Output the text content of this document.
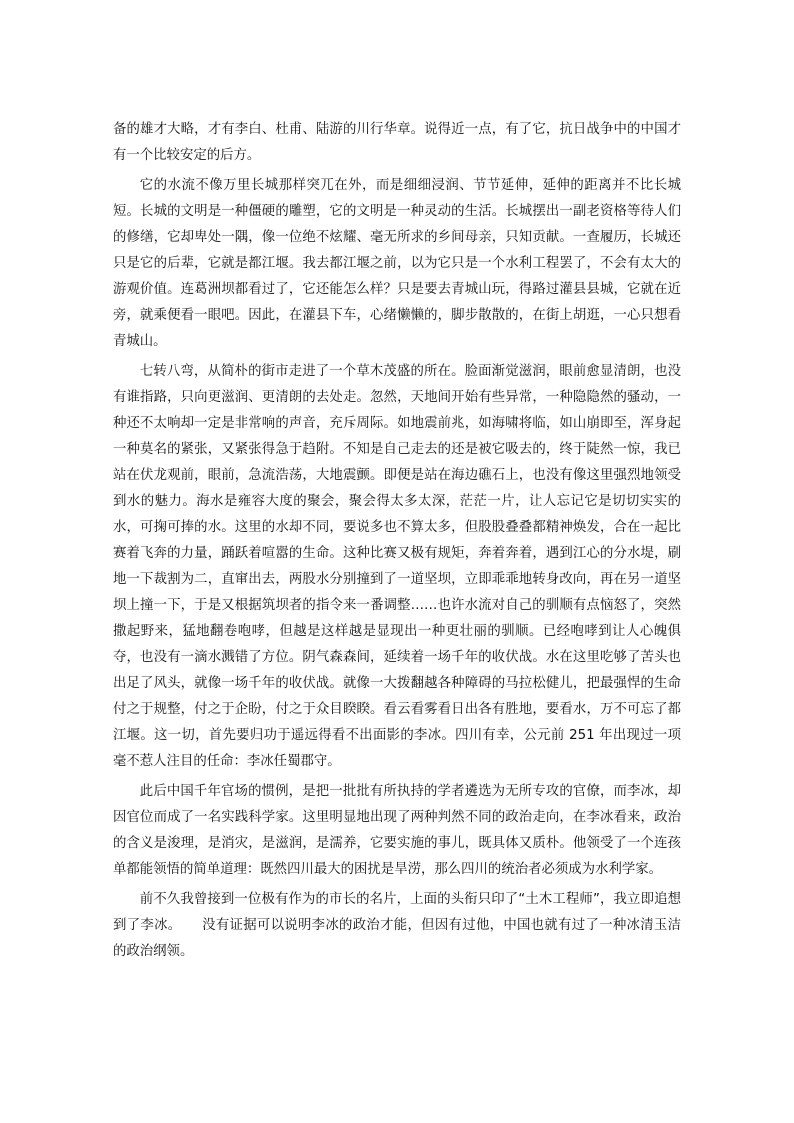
备的雄才大略，才有李白、杜甫、陆游的川行华章。说得近一点，有了它，抗日战争中的中国才有一个比较安定的后方。

它的水流不像万里长城那样突兀在外，而是细细浸润、节节延伸，延伸的距离并不比长城短。长城的文明是一种僵硬的雕塑，它的文明是一种灵动的生活。长城摆出一副老资格等待人们的修缮，它却卑处一隅，像一位绝不炫耀、毫无所求的乡间母亲，只知贡献。一查履历，长城还只是它的后辈，它就是都江堰。我去都江堰之前，以为它只是一个水利工程罢了，不会有太大的游观价值。连葛洲坝都看过了，它还能怎么样？只是要去青城山玩，得路过灌县县城，它就在近旁，就乘便看一眼吧。因此，在灌县下车，心绪懒懒的，脚步散散的，在街上胡逛，一心只想看青城山。

七转八弯，从简朴的街市走进了一个草木茂盛的所在。脸面渐觉滋润，眼前愈显清朗，也没有谁指路，只向更滋润、更清朗的去处走。忽然，天地间开始有些异常，一种隐隐然的骚动，一种还不太响却一定是非常响的声音，充斥周际。如地震前兆，如海啸将临，如山崩即至，浑身起一种莫名的紧张，又紧张得急于趋附。不知是自己走去的还是被它吸去的，终于陡然一惊，我已站在伏龙观前，眼前，急流浩荡，大地震颤。即便是站在海边礁石上，也没有像这里强烈地领受到水的魅力。海水是雍容大度的聚会，聚会得太多太深，茫茫一片，让人忘记它是切切实实的水，可掬可捧的水。这里的水却不同，要说多也不算太多，但股股叠叠都精神焕发，合在一起比赛着飞奔的力量，踊跃着喧嚣的生命。这种比赛又极有规矩，奔着奔着，遇到江心的分水堤，刷地一下裁割为二，直窜出去，两股水分别撞到了一道坚坝，立即乖乖地转身改向，再在另一道坚坝上撞一下，于是又根据筑坝者的指令来一番调整……也许水流对自己的驯顺有点恼怒了，突然撒起野来，猛地翻卷咆哮，但越是这样越是显现出一种更壮丽的驯顺。已经咆哮到让人心魄俱夺，也没有一滴水溅错了方位。阴气森森间，延续着一场千年的收伏战。水在这里吃够了苦头也出足了风头，就像一场千年的收伏战。就像一大拨翻越各种障碍的马拉松健儿，把最强悍的生命付之于规整，付之于企盼，付之于众目睽睽。看云看雾看日出各有胜地，要看水，万不可忘了都江堰。这一切，首先要归功于遥远得看不出面影的李冰。四川有幸，公元前 251 年出现过一项毫不惹人注目的任命：李冰任蜀郡守。

此后中国千年官场的惯例，是把一批批有所执持的学者遴选为无所专攻的官僚，而李冰，却因官位而成了一名实践科学家。这里明显地出现了两种判然不同的政治走向，在李冰看来，政治的含义是浚理，是消灾，是滋润，是濡养，它要实施的事儿，既具体又质朴。他领受了一个连孩单都能领悟的简单道理：既然四川最大的困扰是旱涝，那么四川的统治者必须成为水利学家。

前不久我曾接到一位极有作为的市长的名片，上面的头衔只印了“土木工程师”，我立即追想到了李冰。　　没有证据可以说明李冰的政治才能，但因有过他，中国也就有过了一种冰清玉洁的政治纲领。
